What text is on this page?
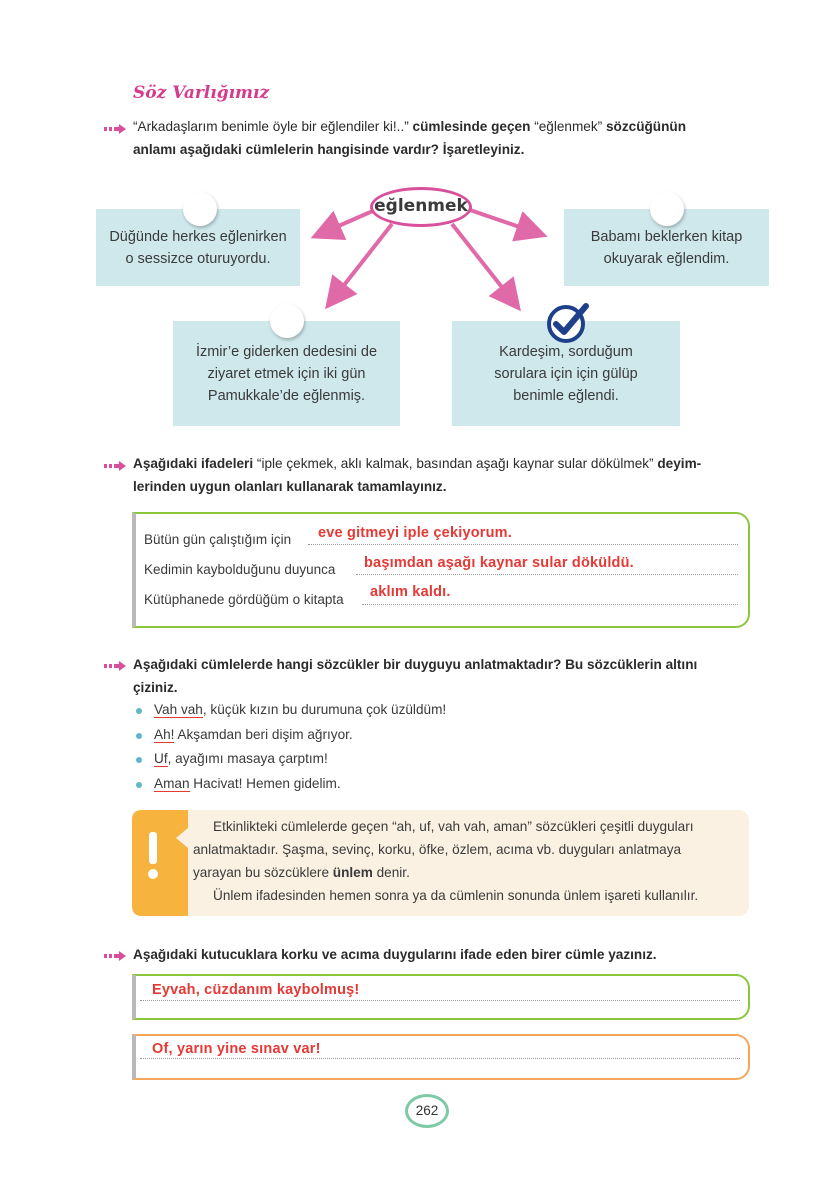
Söz Varlığımız
“Arkadaşlarım benimle öyle bir eğlendiler ki!..” cümlesinde geçen “eğlenmek” sözcüğünün
anlamı aşağıdaki cümlelerin hangisinde vardır? İşaretleyiniz.
eğlenmek
Düğünde herkes eğlenirken
o sessizce oturuyordu.
Babamı beklerken kitap
okuyarak eğlendim.
İzmir’e giderken dedesini de
ziyaret etmek için iki gün
Pamukkale’de eğlenmiş.
Kardeşim, sorduğum
sorulara için için gülüp
benimle eğlendi.
Aşağıdaki ifadeleri “iple çekmek, aklı kalmak, basından aşağı kaynar sular dökülmek” deyim-
lerinden uygun olanları kullanarak tamamlayınız.
Bütün gün çalıştığım için eve gitmeyi iple çekiyorum.
Kedimin kaybolduğunu duyunca başımdan aşağı kaynar sular döküldü.
Kütüphanede gördüğüm o kitapta aklım kaldı.
Aşağıdaki cümlelerde hangi sözcükler bir duyguyu anlatmaktadır? Bu sözcüklerin altını
çiziniz.
Vah vah, küçük kızın bu durumuna çok üzüldüm!
Ah! Akşamdan beri dişim ağrıyor.
Uf, ayağımı masaya çarptım!
Aman Hacivat! Hemen gidelim.
Etkinlikteki cümlelerde geçen “ah, uf, vah vah, aman” sözcükleri çeşitli duyguları
anlatmaktadır. Şaşma, sevinç, korku, öfke, özlem, acıma vb. duyguları anlatmaya
yarayan bu sözcüklere ünlem denir.
Ünlem ifadesinden hemen sonra ya da cümlenin sonunda ünlem işareti kullanılır.
Aşağıdaki kutucuklara korku ve acıma duygularını ifade eden birer cümle yazınız.
Eyvah, cüzdanım kaybolmuş!
Of, yarın yine sınav var!
262
